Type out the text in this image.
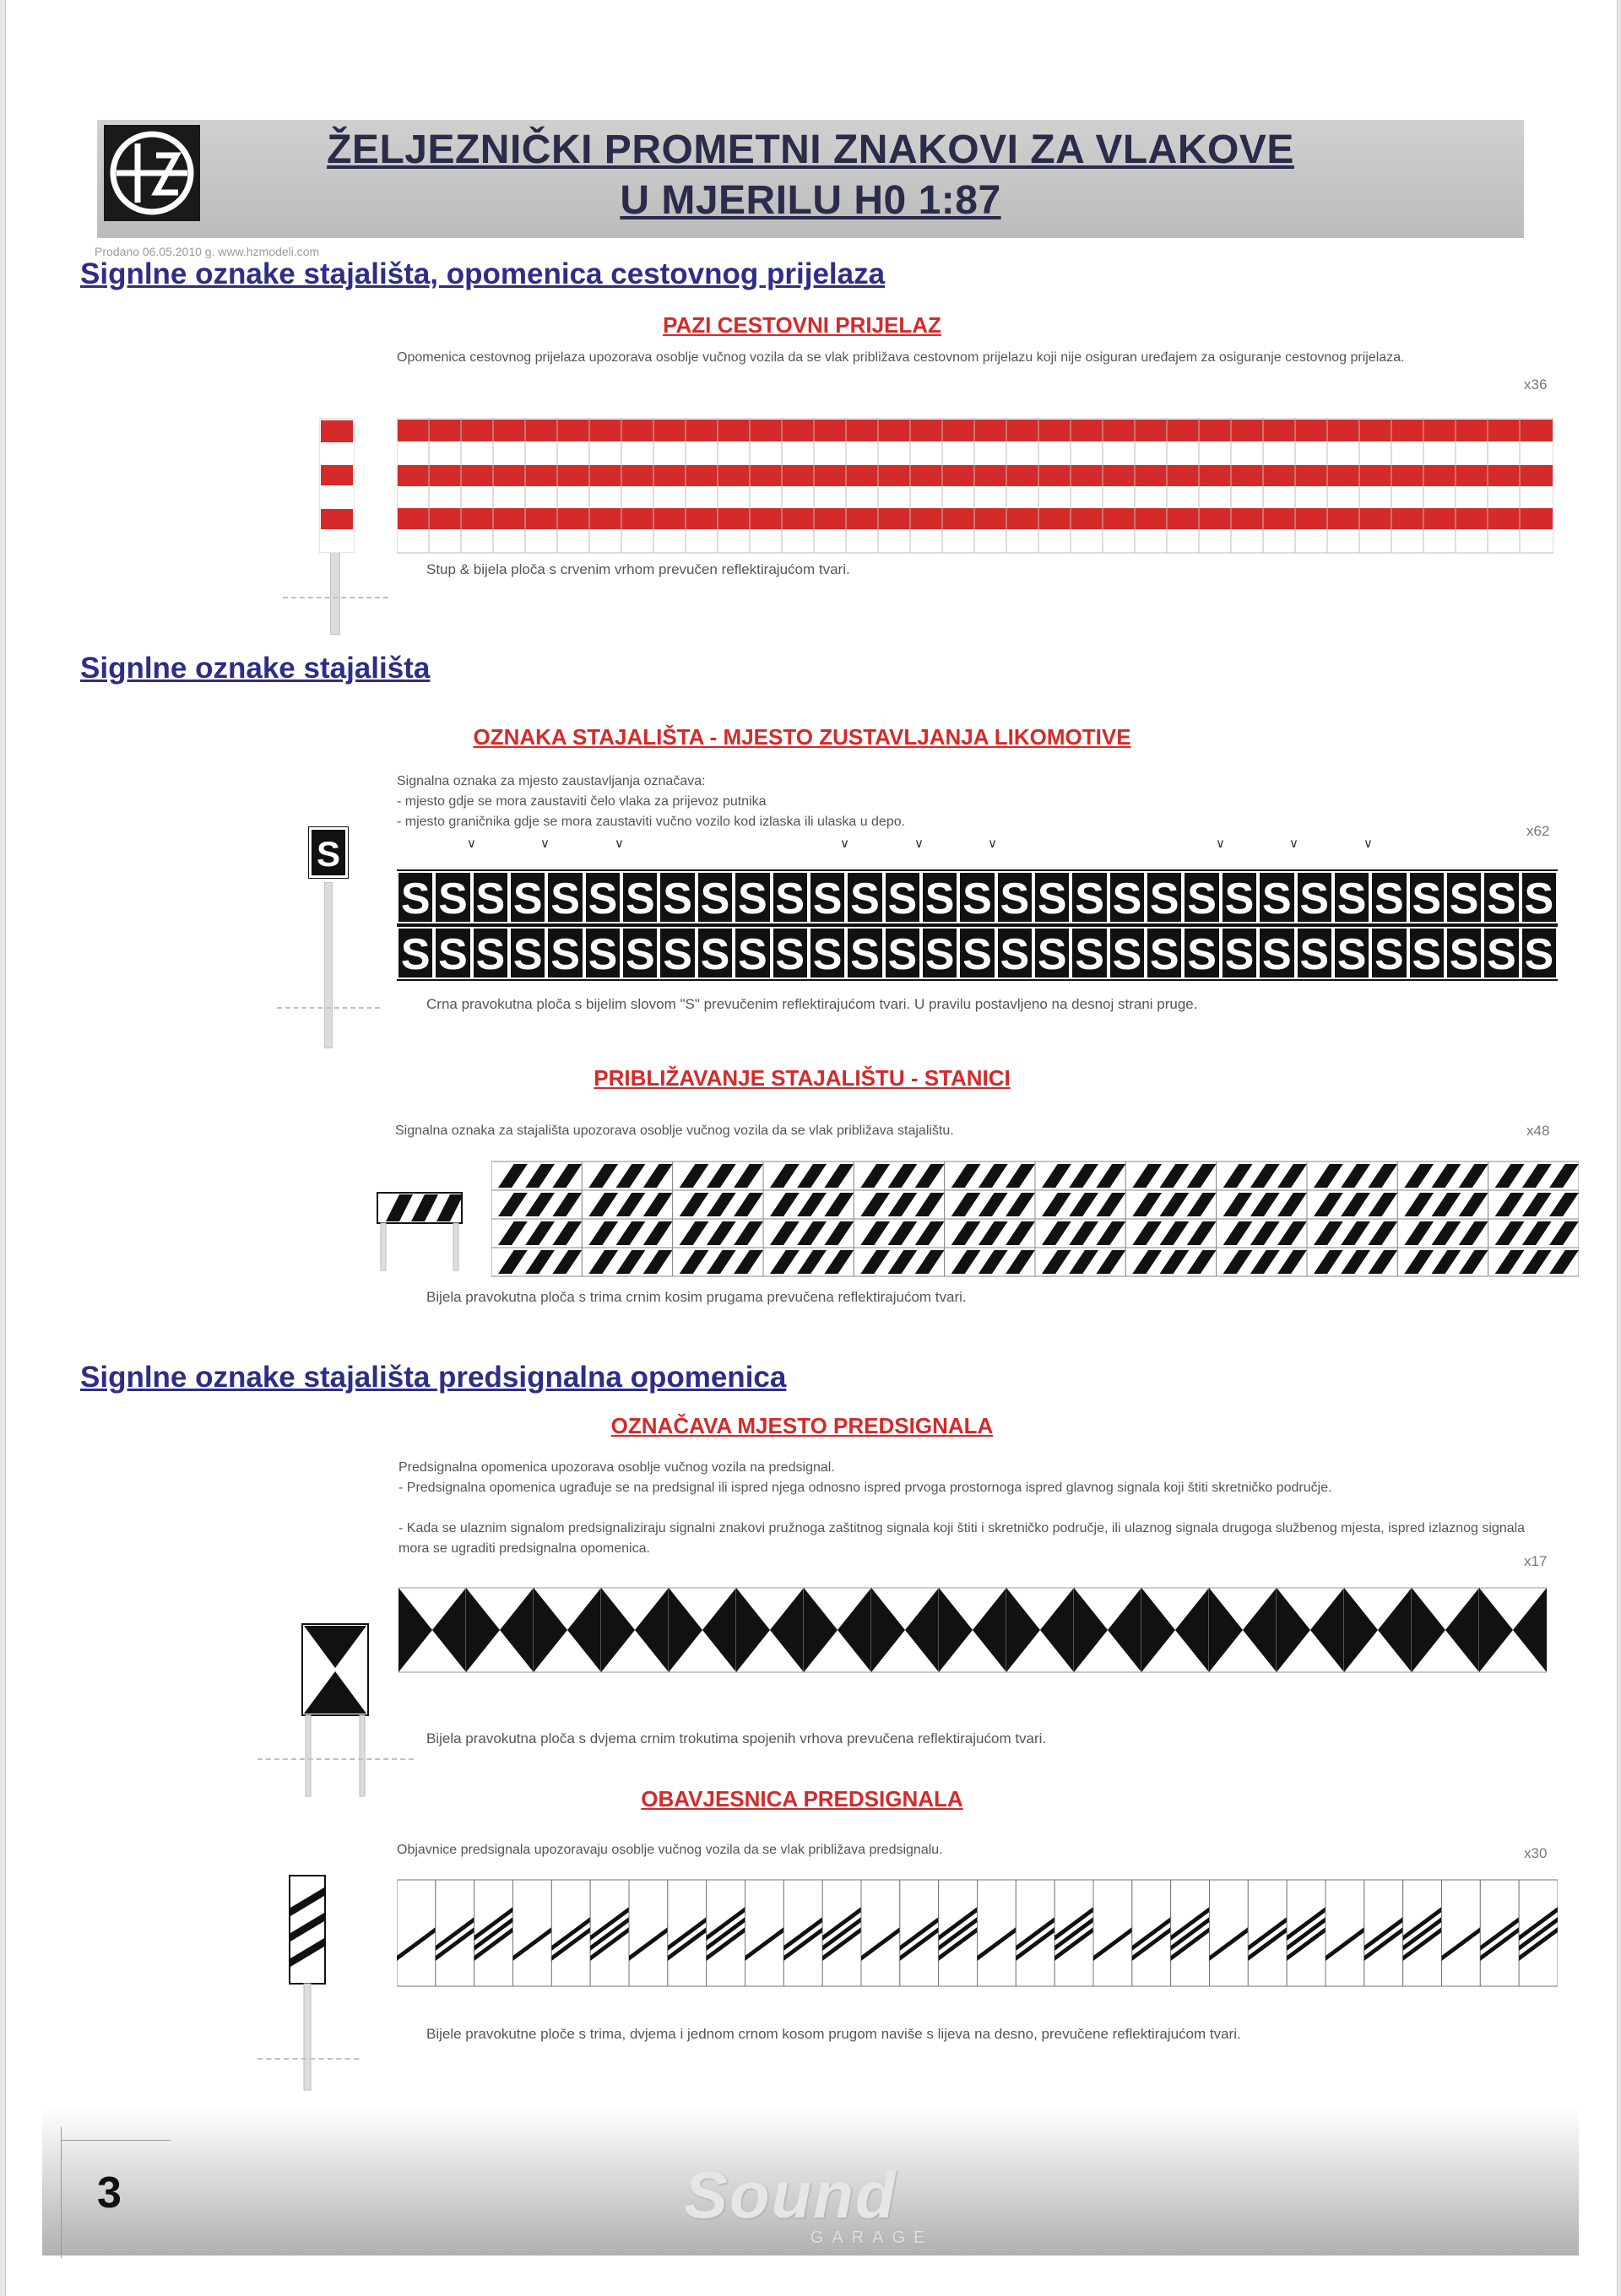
ŽELJEZNIČKI PROMETNI ZNAKOVI ZA VLAKOVE
U MJERILU H0 1:87
Prodano 06.05.2010 g. www.hzmodeli.com
Signlne oznake stajališta, opomenica cestovnog prijelaza
PAZI CESTOVNI PRIJELAZ
Opomenica cestovnog prijelaza upozorava osoblje vučnog vozila da se vlak približava cestovnom prijelazu koji nije osiguran uređajem za osiguranje cestovnog prijelaza.
x36
Stup & bijela ploča s crvenim vrhom prevučen reflektirajućom tvari.
Signlne oznake stajališta
OZNAKA STAJALIŠTA - MJESTO ZUSTAVLJANJA LIKOMOTIVE
Signalna oznaka za mjesto zaustavljanja označava:
- mjesto gdje se mora zaustaviti čelo vlaka za prijevoz putnika
- mjesto graničnika gdje se mora zaustaviti vučno vozilo kod izlaska ili ulaska u depo.
x62
∨	∨	∨	∨	∨	∨	∨	∨	∨
S
S S S S S S S S S S S S S S S S S S S S S S S S S S S S S S S
S S S S S S S S S S S S S S S S S S S S S S S S S S S S S S S
Crna pravokutna ploča s bijelim slovom "S" prevučenim reflektirajućom tvari. U pravilu postavljeno na desnoj strani pruge.
PRIBLIŽAVANJE STAJALIŠTU - STANICI
Signalna oznaka za stajališta upozorava osoblje vučnog vozila da se vlak približava stajalištu.	x48
Bijela pravokutna ploča s trima crnim kosim prugama prevučena reflektirajućom tvari.
Signlne oznake stajališta predsignalna opomenica
OZNAČAVA MJESTO PREDSIGNALA
Predsignalna opomenica upozorava osoblje vučnog vozila na predsignal.
- Predsignalna opomenica ugrađuje se na predsignal ili ispred njega odnosno ispred prvoga prostornoga ispred glavnog signala koji štiti skretničko područje.
- Kada se ulaznim signalom predsignaliziraju signalni znakovi pružnoga zaštitnog signala koji štiti i skretničko područje, ili ulaznog signala drugoga službenog mjesta, ispred izlaznog signala mora se ugraditi predsignalna opomenica.
x17
Bijela pravokutna ploča s dvjema crnim trokutima spojenih vrhova prevučena reflektirajućom tvari.
OBAVJESNICA PREDSIGNALA
Objavnice predsignala upozoravaju osoblje vučnog vozila da se vlak približava predsignalu.	x30
Bijele pravokutne ploče s trima, dvjema i jednom crnom kosom prugom naviše s lijeva na desno, prevučene reflektirajućom tvari.
3	Sound
GARAGE
